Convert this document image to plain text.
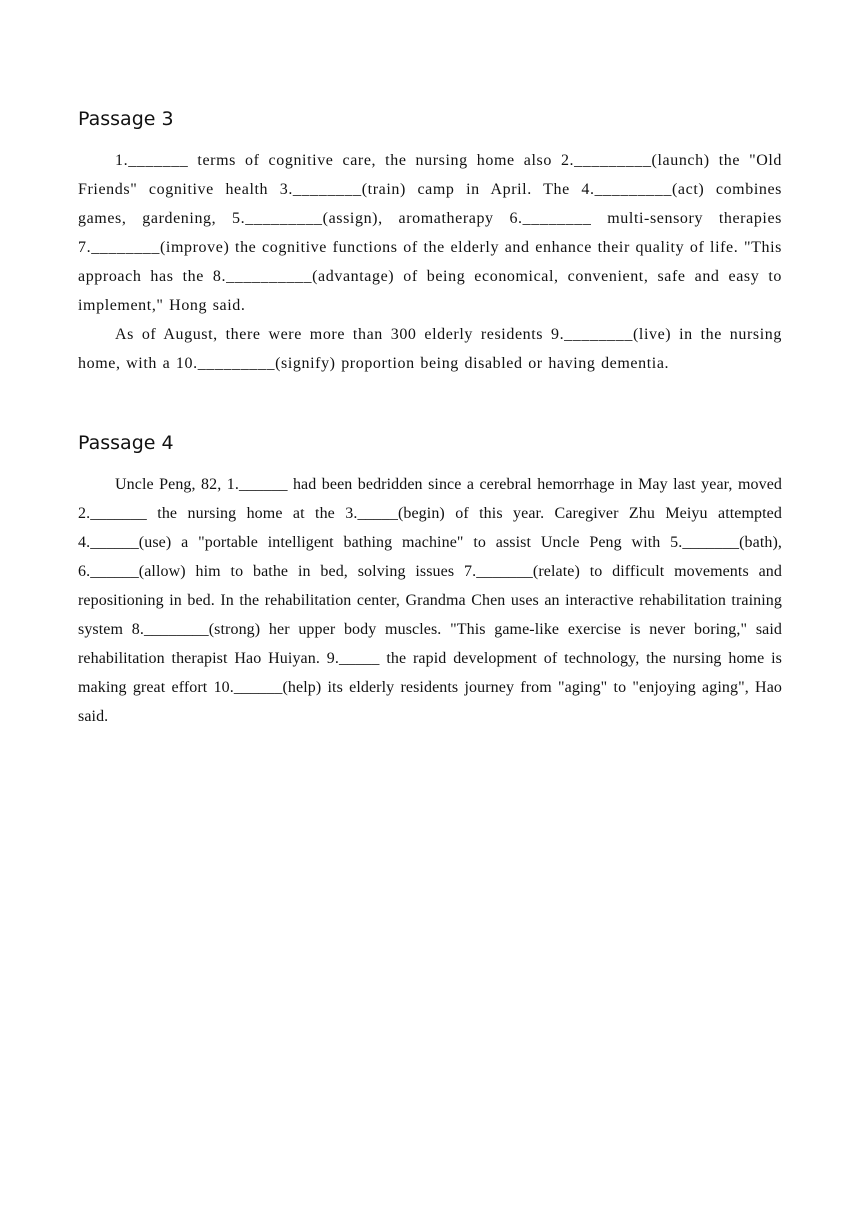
Passage 3

1._______ terms of cognitive care, the nursing home also 2._________(launch) the "Old Friends" cognitive health 3.________(train) camp in April. The 4._________(act) combines games, gardening, 5._________(assign), aromatherapy 6.________ multi-sensory therapies 7.________(improve) the cognitive functions of the elderly and enhance their quality of life. "This approach has the 8.__________(advantage) of being economical, convenient, safe and easy to implement," Hong said.

As of August, there were more than 300 elderly residents 9.________(live) in the nursing home, with a 10._________(signify) proportion being disabled or having dementia.

Passage 4

Uncle Peng, 82, 1.______ had been bedridden since a cerebral hemorrhage in May last year, moved 2._______ the nursing home at the 3._____(begin) of this year. Caregiver Zhu Meiyu attempted 4.______(use) a "portable intelligent bathing machine" to assist Uncle Peng with 5._______(bath), 6.______(allow) him to bathe in bed, solving issues 7._______(relate) to difficult movements and repositioning in bed. In the rehabilitation center, Grandma Chen uses an interactive rehabilitation training system 8.________(strong) her upper body muscles. "This game-like exercise is never boring," said rehabilitation therapist Hao Huiyan. 9._____ the rapid development of technology, the nursing home is making great effort 10.______(help) its elderly residents journey from "aging" to "enjoying aging", Hao said.
